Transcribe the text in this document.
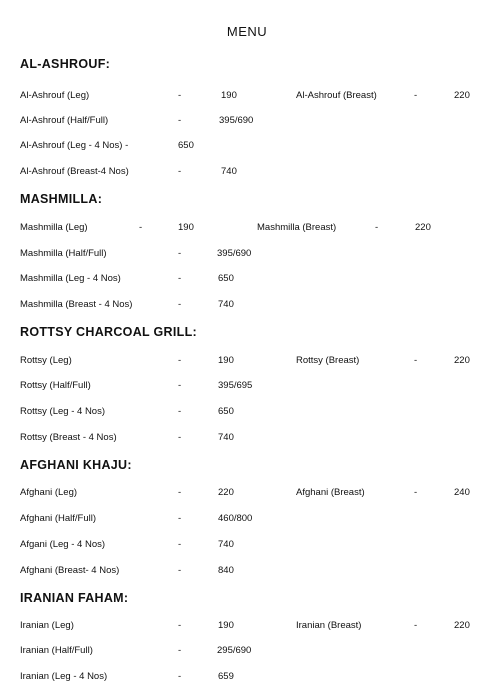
MENU
AL-ASHROUF:
Al-Ashrouf (Leg)	-	190	Al-Ashrouf (Breast)	-	220
Al-Ashrouf (Half/Full)	-	395/690
Al-Ashrouf (Leg - 4 Nos) -	650
Al-Ashrouf (Breast-4 Nos)	-	740
MASHMILLA:
Mashmilla (Leg)	-	190	Mashmilla (Breast)	-	220
Mashmilla (Half/Full)	-	395/690
Mashmilla (Leg - 4 Nos)	-	650
Mashmilla (Breast - 4 Nos)	-	740
ROTTSY CHARCOAL GRILL:
Rottsy (Leg)	-	190	Rottsy (Breast)	-	220
Rottsy (Half/Full)	-	395/695
Rottsy (Leg - 4 Nos)	-	650
Rottsy (Breast - 4 Nos)	-	740
AFGHANI KHAJU:
Afghani (Leg)	-	220	Afghani (Breast)	-	240
Afghani (Half/Full)	-	460/800
Afgani (Leg - 4 Nos)	-	740
Afghani (Breast- 4 Nos)	-	840
IRANIAN FAHAM:
Iranian (Leg)	-	190	Iranian (Breast)	-	220
Iranian (Half/Full)	-	295/690
Iranian (Leg - 4 Nos)	-	659
